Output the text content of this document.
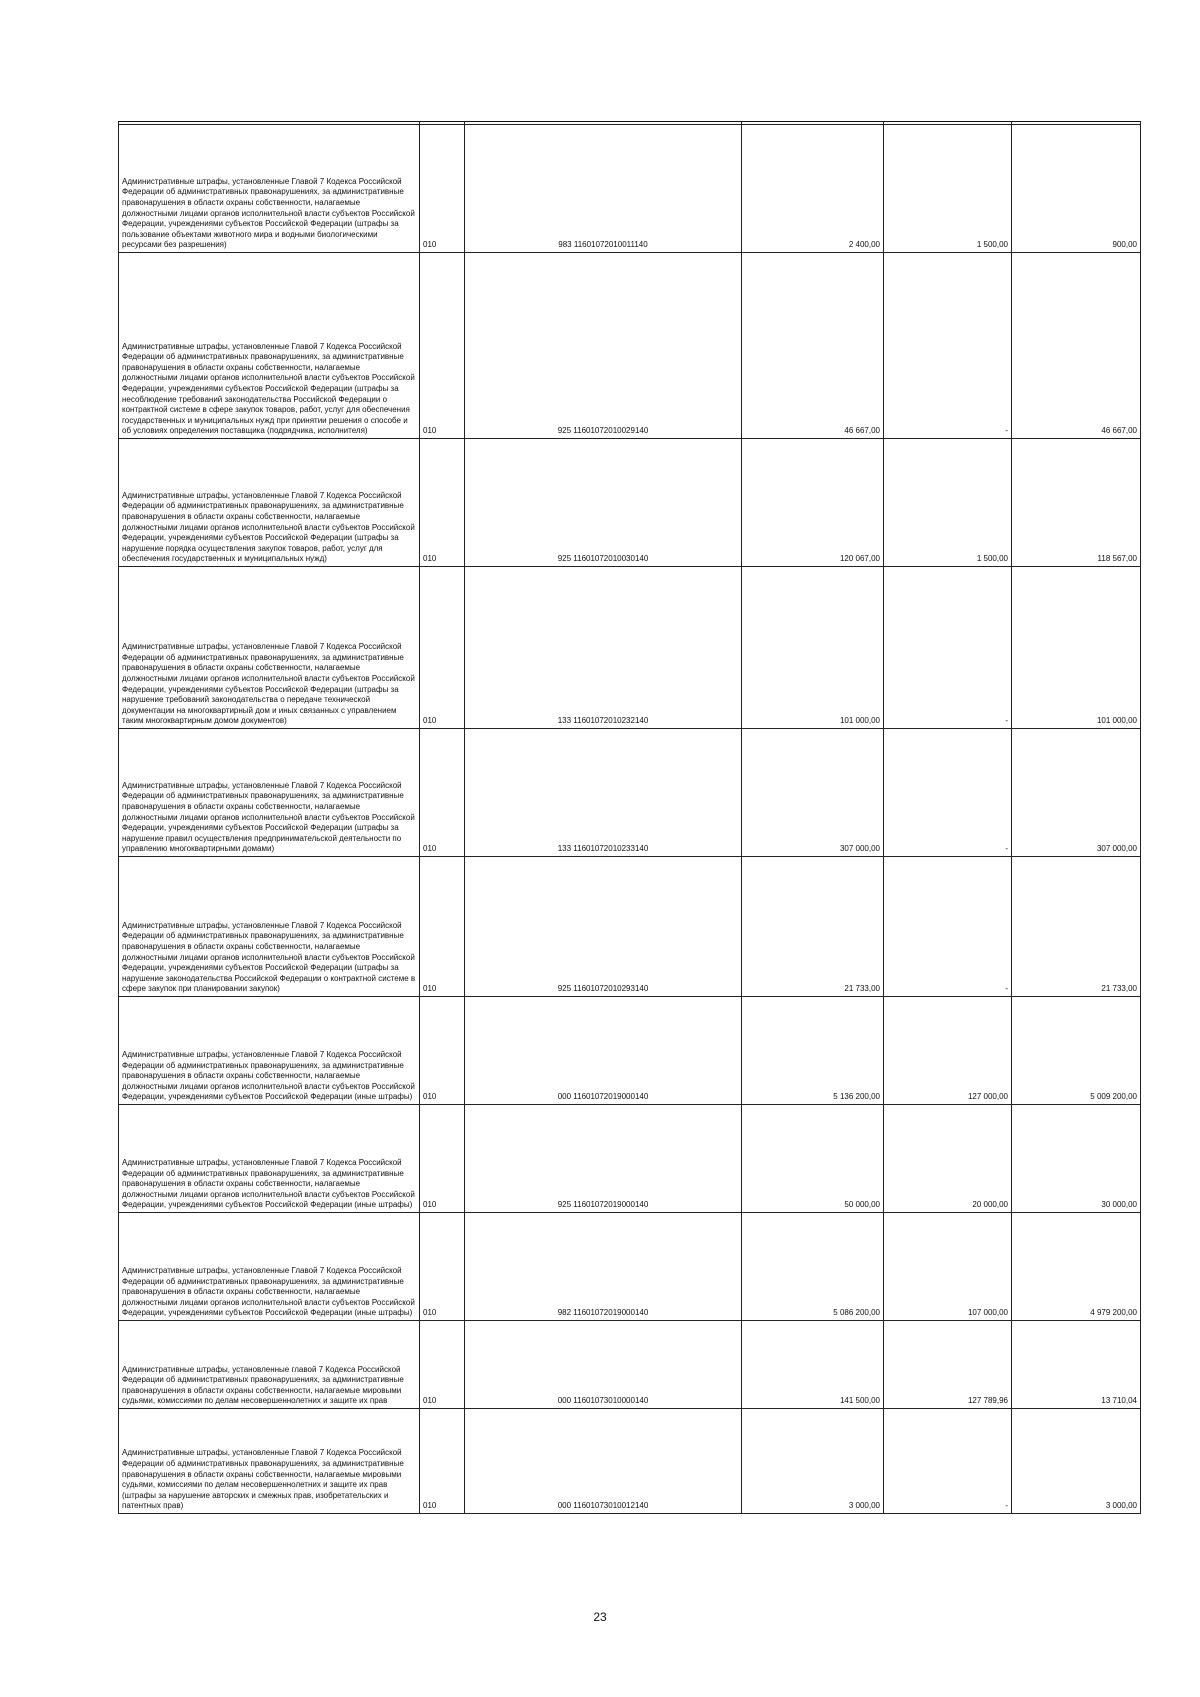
Административные штрафы, установленные Главой 7 Кодекса Российской Федерации об административных правонарушениях, за административные правонарушения в области охраны собственности, налагаемые должностными лицами органов исполнительной власти субъектов Российской Федерации, учреждениями субъектов Российской Федерации (штрафы за пользование объектами животного мира и водными биологическими ресурсами без разрешения)	010	983 11601072010011140	2 400,00	1 500,00	900,00
Административные штрафы, установленные Главой 7 Кодекса Российской Федерации об административных правонарушениях, за административные правонарушения в области охраны собственности, налагаемые должностными лицами органов исполнительной власти субъектов Российской Федерации, учреждениями субъектов Российской Федерации (штрафы за несоблюдение требований законодательства Российской Федерации о контрактной системе в сфере закупок товаров, работ, услуг для обеспечения государственных и муниципальных нужд при принятии решения о способе и об условиях определения поставщика (подрядчика, исполнителя)	010	925 11601072010029140	46 667,00	-	46 667,00
Административные штрафы, установленные Главой 7 Кодекса Российской Федерации об административных правонарушениях, за административные правонарушения в области охраны собственности, налагаемые должностными лицами органов исполнительной власти субъектов Российской Федерации, учреждениями субъектов Российской Федерации (штрафы за нарушение порядка осуществления закупок товаров, работ, услуг для обеспечения государственных и муниципальных нужд)	010	925 11601072010030140	120 067,00	1 500,00	118 567,00
Административные штрафы, установленные Главой 7 Кодекса Российской Федерации об административных правонарушениях, за административные правонарушения в области охраны собственности, налагаемые должностными лицами органов исполнительной власти субъектов Российской Федерации, учреждениями субъектов Российской Федерации (штрафы за нарушение требований законодательства о передаче технической документации на многоквартирный дом и иных связанных с управлением таким многоквартирным домом документов)	010	133 11601072010232140	101 000,00	-	101 000,00
Административные штрафы, установленные Главой 7 Кодекса Российской Федерации об административных правонарушениях, за административные правонарушения в области охраны собственности, налагаемые должностными лицами органов исполнительной власти субъектов Российской Федерации, учреждениями субъектов Российской Федерации (штрафы за нарушение правил осуществления предпринимательской деятельности по управлению многоквартирными домами)	010	133 11601072010233140	307 000,00	-	307 000,00
Административные штрафы, установленные Главой 7 Кодекса Российской Федерации об административных правонарушениях, за административные правонарушения в области охраны собственности, налагаемые должностными лицами органов исполнительной власти субъектов Российской Федерации, учреждениями субъектов Российской Федерации (штрафы за нарушение законодательства Российской Федерации о контрактной системе в сфере закупок при планировании закупок)	010	925 11601072010293140	21 733,00	-	21 733,00
Административные штрафы, установленные Главой 7 Кодекса Российской Федерации об административных правонарушениях, за административные правонарушения в области охраны собственности, налагаемые должностными лицами органов исполнительной власти субъектов Российской Федерации, учреждениями субъектов Российской Федерации (иные штрафы)	010	000 11601072019000140	5 136 200,00	127 000,00	5 009 200,00
Административные штрафы, установленные Главой 7 Кодекса Российской Федерации об административных правонарушениях, за административные правонарушения в области охраны собственности, налагаемые должностными лицами органов исполнительной власти субъектов Российской Федерации, учреждениями субъектов Российской Федерации (иные штрафы)	010	925 11601072019000140	50 000,00	20 000,00	30 000,00
Административные штрафы, установленные Главой 7 Кодекса Российской Федерации об административных правонарушениях, за административные правонарушения в области охраны собственности, налагаемые должностными лицами органов исполнительной власти субъектов Российской Федерации, учреждениями субъектов Российской Федерации (иные штрафы)	010	982 11601072019000140	5 086 200,00	107 000,00	4 979 200,00
Административные штрафы, установленные главой 7 Кодекса Российской Федерации об административных правонарушениях, за административные правонарушения в области охраны собственности, налагаемые мировыми судьями, комиссиями по делам несовершеннолетних и защите их прав	010	000 11601073010000140	141 500,00	127 789,96	13 710,04
Административные штрафы, установленные Главой 7 Кодекса Российской Федерации об административных правонарушениях, за административные правонарушения в области охраны собственности, налагаемые мировыми судьями, комиссиями по делам несовершеннолетних и защите их прав (штрафы за нарушение авторских и смежных прав, изобретательских и патентных прав)	010	000 11601073010012140	3 000,00	-	3 000,00
23
